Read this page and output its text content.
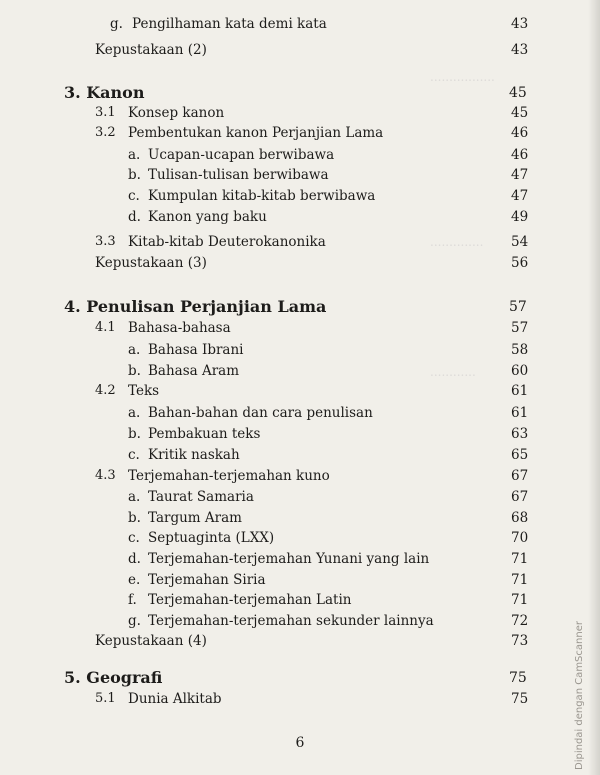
.................
..............
............
g. Pengilhaman kata demi kata	43
Kepustakaan (2)	43
3. Kanon	45
3.1 Konsep kanon	45
3.2 Pembentukan kanon Perjanjian Lama	46
a. Ucapan-ucapan berwibawa	46
b. Tulisan-tulisan berwibawa	47
c. Kumpulan kitab-kitab berwibawa	47
d. Kanon yang baku	49
3.3 Kitab-kitab Deuterokanonika	54
Kepustakaan (3)	56
4. Penulisan Perjanjian Lama	57
4.1 Bahasa-bahasa	57
a. Bahasa Ibrani	58
b. Bahasa Aram	60
4.2 Teks	61
a. Bahan-bahan dan cara penulisan	61
b. Pembakuan teks	63
c. Kritik naskah	65
4.3 Terjemahan-terjemahan kuno	67
a. Taurat Samaria	67
b. Targum Aram	68
c. Septuaginta (LXX)	70
d. Terjemahan-terjemahan Yunani yang lain	71
e. Terjemahan Siria	71
f. Terjemahan-terjemahan Latin	71
g. Terjemahan-terjemahan sekunder lainnya	72
Kepustakaan (4)	73
5. Geografi	75
5.1 Dunia Alkitab	75
6	Dipindai dengan CamScanner
